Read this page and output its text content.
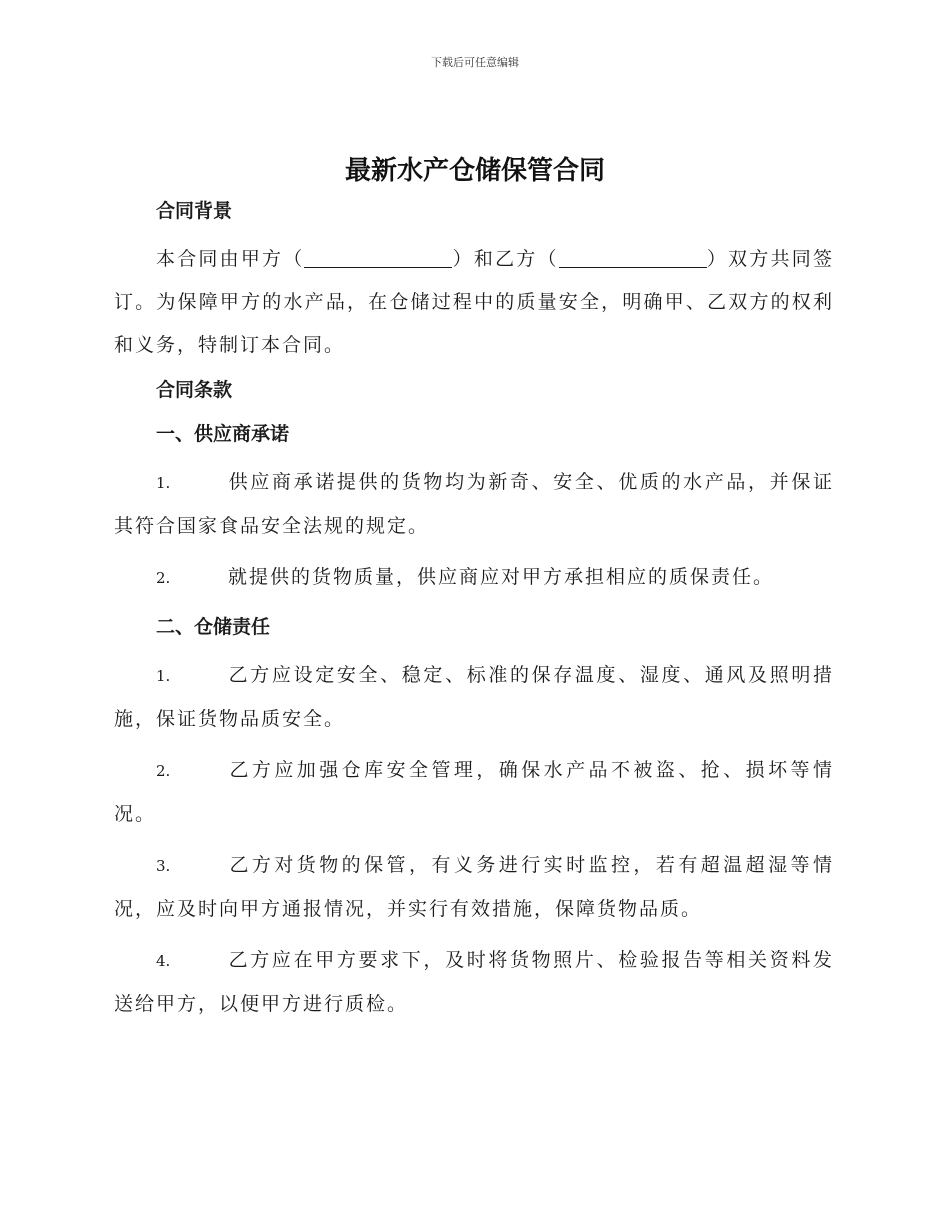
下载后可任意编辑
最新水产仓储保管合同

合同背景

本合同由甲方（	）和乙方（	）双方共同签订。为保障甲方的水产品，在仓储过程中的质量安全，明确甲、乙双方的权利和义务，特制订本合同。

合同条款

一、供应商承诺

1.	供应商承诺提供的货物均为新奇、安全、优质的水产品，并保证其符合国家食品安全法规的规定。

2.	就提供的货物质量，供应商应对甲方承担相应的质保责任。

二、仓储责任

1.	乙方应设定安全、稳定、标准的保存温度、湿度、通风及照明措施，保证货物品质安全。

2.	乙方应加强仓库安全管理，确保水产品不被盗、抢、损坏等情况。

3.	乙方对货物的保管，有义务进行实时监控，若有超温超湿等情况，应及时向甲方通报情况，并实行有效措施，保障货物品质。

4.	乙方应在甲方要求下，及时将货物照片、检验报告等相关资料发送给甲方，以便甲方进行质检。
